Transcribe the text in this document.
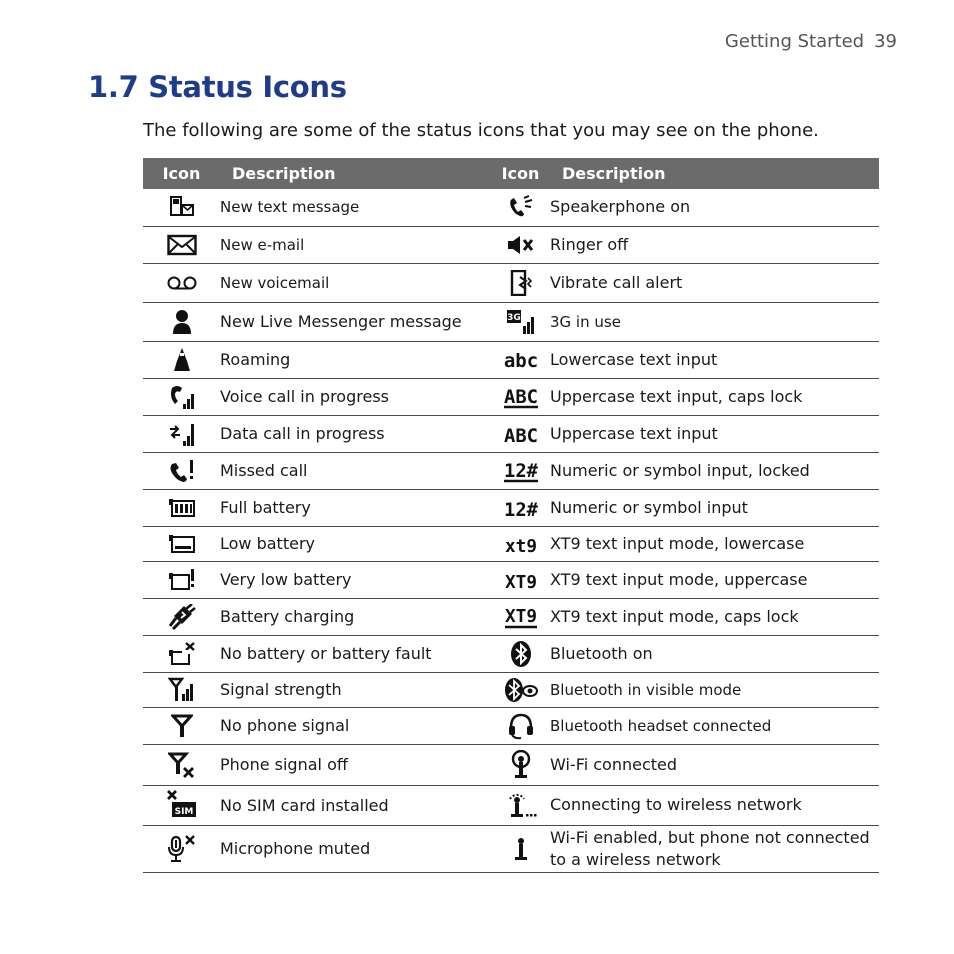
Getting Started 39
1.7 Status Icons

The following are some of the status icons that you may see on the phone.

Icon	Description	Icon	Description

	New text message		Speakerphone on

	New e-mail		Ringer off

	New voicemail		Vibrate call alert

	New Live Messenger message	3G	3G in use

	Roaming	abc	Lowercase text input

	Voice call in progress	ABC	Uppercase text input, caps lock

	Data call in progress	ABC	Uppercase text input

	Missed call	12#	Numeric or symbol input, locked

	Full battery	12#	Numeric or symbol input

	Low battery	xt9	XT9 text input mode, lowercase

	Very low battery	XT9	XT9 text input mode, uppercase

	Battery charging	XT9	XT9 text input mode, caps lock

	No battery or battery fault		Bluetooth on

	Signal strength		Bluetooth in visible mode

	No phone signal		Bluetooth headset connected

	Phone signal off		Wi-Fi connected

SIM	No SIM card installed		Connecting to wireless network

	Microphone muted		Wi-Fi enabled, but phone not connected
to a wireless network
